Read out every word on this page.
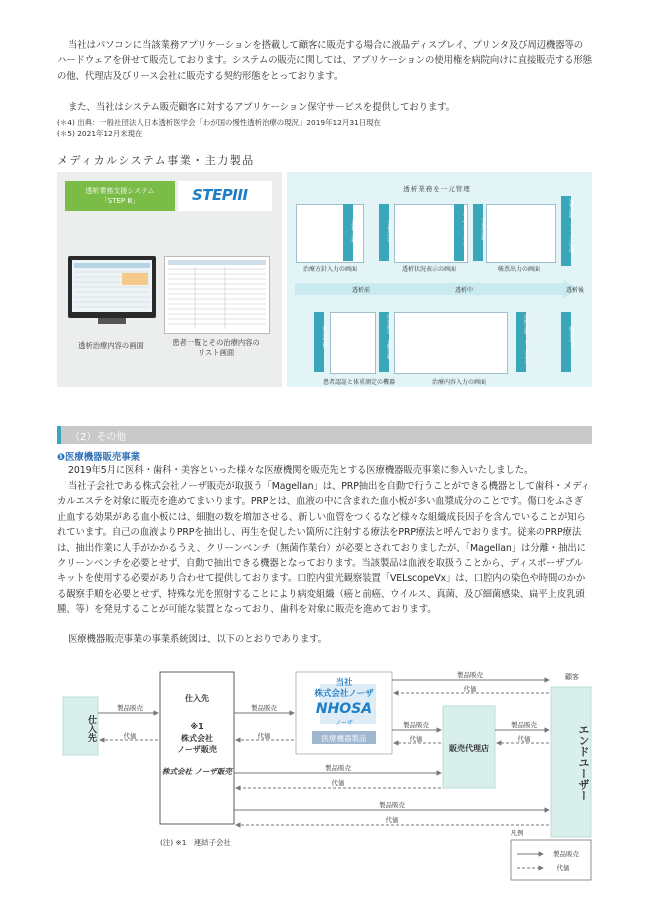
当社はパソコンに当該業務アプリケーションを搭載して顧客に販売する場合に液晶ディスプレイ、プリンタ及び周辺機器等のハードウェアを併せて販売しております。システムの販売に関しては、アプリケーションの使用権を病院向けに直接販売する形態の他、代理店及びリース会社に販売する契約形態をとっております。

また、当社はシステム販売顧客に対するアプリケーション保守サービスを提供しております。

(＊4) 出典：一般社団法人日本透析医学会「わが国の慢性透析治療の現況」2019年12月31日現在
(＊5) 2021年12月末現在
メディカルシステム事業・主力製品
透析業務支援システム
「STEP Ⅲ」	STEPIII
透析治療内容の画面	患者一覧とその治療内容の
リスト画面
透析業務を一元管理
透析方針	条件設定	モニタリング	実施記録	透析記録・バイタル管理
治療方針入力の画面	透析状況表示の画面	帳票出力の画面
透析前	透析中	透析後
患者受付	体重測定・自動登録	治療実施・データ入力	帳票出力
患者認証と体重測定の機器	治療内容入力の画面
（2）その他
❶医療機器販売事業

2019年5月に医科・歯科・美容といった様々な医療機関を販売先とする医療機器販売事業に参入いたしました。

当社子会社である株式会社ノーザ販売が取扱う「Magellan」は、PRP抽出を自動で行うことができる機器として歯科・メディカルエステを対象に販売を進めてまいります。PRPとは、血液の中に含まれた血小板が多い血漿成分のことです。傷口をふさぎ止血する効果がある血小板には、細胞の数を増加させる、新しい血管をつくるなど様々な組織成長因子を含んでいることが知られています。自己の血液よりPRPを抽出し、再生を促したい箇所に注射する療法をPRP療法と呼んでおります。従来のPRP療法は、抽出作業に人手がかかるうえ、クリーンベンチ（無菌作業台）が必要とされておりましたが、「Magellan」は分離・抽出にクリーンベンチを必要とせず、自動で抽出できる機器となっております。当該製品は血液を取扱うことから、ディスポーザブルキットを使用する必要があり合わせて提供しております。口腔内蛍光観察装置「VELscopeVx」は、口腔内の染色や時間のかかる観察手順を必要とせず、特殊な光を照射することにより病変組織（癌と前癌、ウイルス、真菌、及び細菌感染、扁平上皮乳頭腫、等）を発見することが可能な装置となっており、歯科を対象に販売を進めております。

医療機器販売事業の事業系統図は、以下のとおりであります。

仕入先
仕入先
※1
株式会社
ノーザ販売
株式会社 ノーザ販売
当社
株式会社ノーザ
NHOSA
ノーザ
医療機器製品
販売代理店
顧客
エンドユーザー
製品販売
代価
製品販売
代価
製品販売
代価
製品販売
代価
製品販売
代価
製品販売
代価
製品販売
代価
(注) ※1　連結子会社
凡例
製品販売
代価
